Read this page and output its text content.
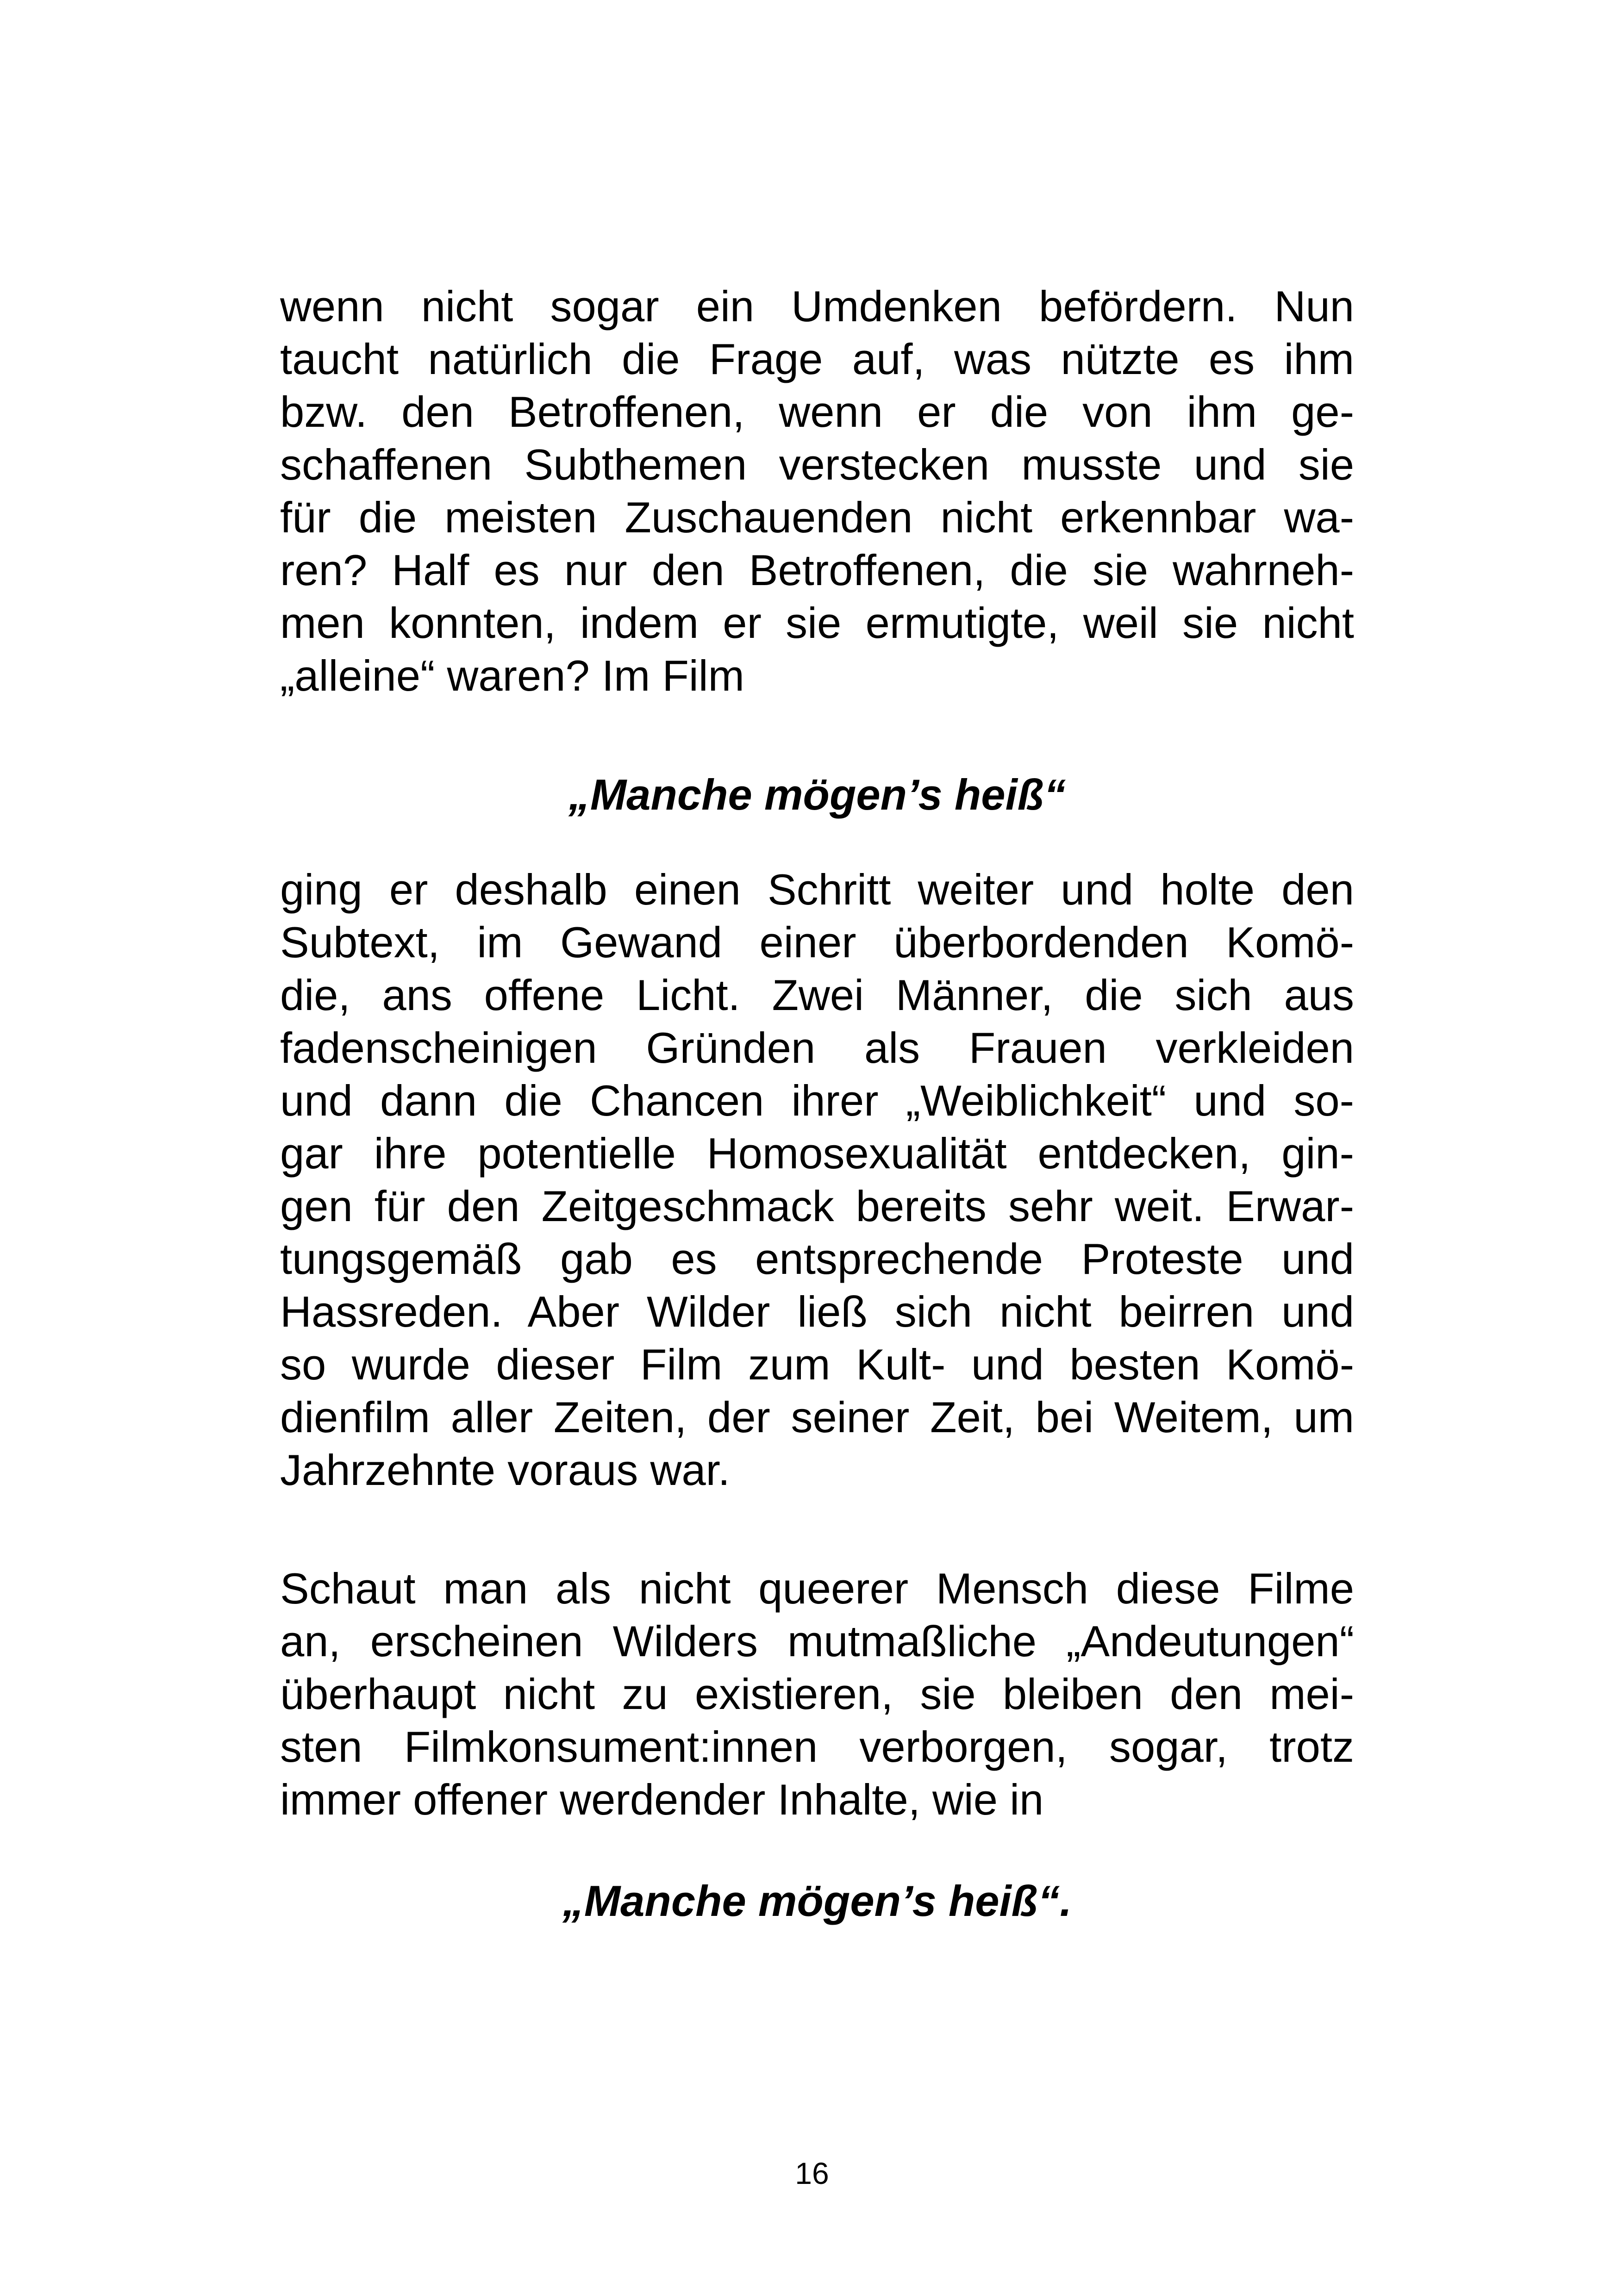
wenn nicht sogar ein Umdenken befördern. Nun
taucht natürlich die Frage auf, was nützte es ihm
bzw. den Betroffenen, wenn er die von ihm ge-
schaffenen Subthemen verstecken musste und sie
für die meisten Zuschauenden nicht erkennbar wa-
ren? Half es nur den Betroffenen, die sie wahrneh-
men konnten, indem er sie ermutigte, weil sie nicht
„alleine“ waren? Im Film
„Manche mögen’s heiß“
ging er deshalb einen Schritt weiter und holte den
Subtext, im Gewand einer überbordenden Komö-
die, ans offene Licht. Zwei Männer, die sich aus
fadenscheinigen Gründen als Frauen verkleiden
und dann die Chancen ihrer „Weiblichkeit“ und so-
gar ihre potentielle Homosexualität entdecken, gin-
gen für den Zeitgeschmack bereits sehr weit. Erwar-
tungsgemäß gab es entsprechende Proteste und
Hassreden. Aber Wilder ließ sich nicht beirren und
so wurde dieser Film zum Kult- und besten Komö-
dienfilm aller Zeiten, der seiner Zeit, bei Weitem, um
Jahrzehnte voraus war.
Schaut man als nicht queerer Mensch diese Filme
an, erscheinen Wilders mutmaßliche „Andeutungen“
überhaupt nicht zu existieren, sie bleiben den mei-
sten Filmkonsument:innen verborgen, sogar, trotz
immer offener werdender Inhalte, wie in
„Manche mögen’s heiß“.
16
